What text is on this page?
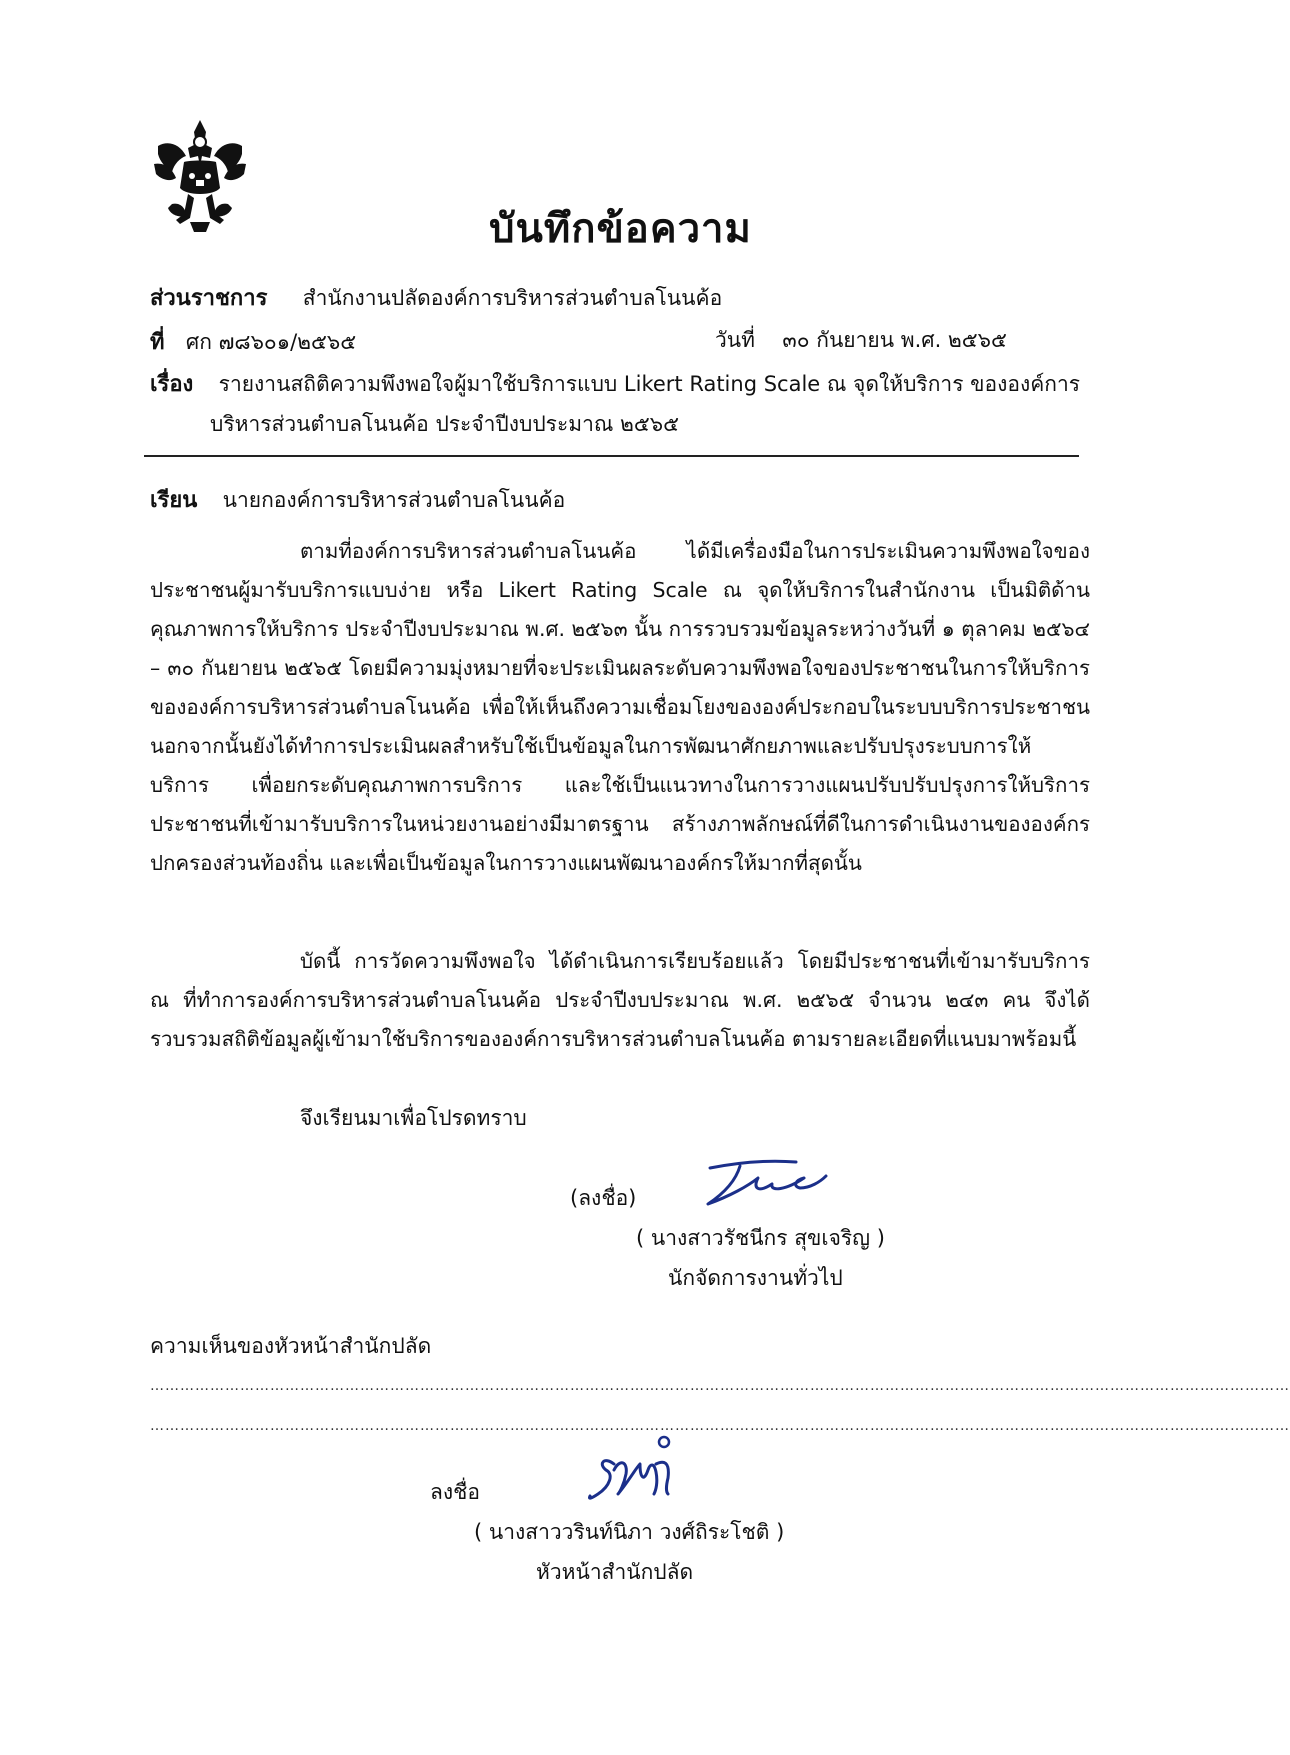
บันทึกข้อความ
ส่วนราชการ สำนักงานปลัดองค์การบริหารส่วนตำบลโนนค้อ
ที่ ศก ๗๘๖๐๑/๒๕๖๕	วันที่ ๓๐ กันยายน พ.ศ. ๒๕๖๕
เรื่อง รายงานสถิติความพึงพอใจผู้มาใช้บริการแบบ Likert Rating Scale ณ จุดให้บริการ ขององค์การ
บริหารส่วนตำบลโนนค้อ ประจำปีงบประมาณ ๒๕๖๕
เรียน นายกองค์การบริหารส่วนตำบลโนนค้อ

ตามที่องค์การบริหารส่วนตำบลโนนค้อ ได้มีเครื่องมือในการประเมินความพึงพอใจของประชาชนผู้มารับบริการแบบง่าย หรือ Likert Rating Scale ณ จุดให้บริการในสำนักงาน เป็นมิติด้านคุณภาพการให้บริการ ประจำปีงบประมาณ พ.ศ. ๒๕๖๓ นั้น การรวบรวมข้อมูลระหว่างวันที่ ๑ ตุลาคม ๒๕๖๔ – ๓๐ กันยายน ๒๕๖๕ โดยมีความมุ่งหมายที่จะประเมินผลระดับความพึงพอใจของประชาชนในการให้บริการขององค์การบริหารส่วนตำบลโนนค้อ เพื่อให้เห็นถึงความเชื่อมโยงขององค์ประกอบในระบบบริการประชาชน นอกจากนั้นยังได้ทำการประเมินผลสำหรับใช้เป็นข้อมูลในการพัฒนาศักยภาพและปรับปรุงระบบการให้บริการ เพื่อยกระดับคุณภาพการบริการ และใช้เป็นแนวทางในการวางแผนปรับปรับปรุงการให้บริการประชาชนที่เข้ามารับบริการในหน่วยงานอย่างมีมาตรฐาน สร้างภาพลักษณ์ที่ดีในการดำเนินงานขององค์กรปกครองส่วนท้องถิ่น และเพื่อเป็นข้อมูลในการวางแผนพัฒนาองค์กรให้มากที่สุดนั้น

บัดนี้ การวัดความพึงพอใจ ได้ดำเนินการเรียบร้อยแล้ว โดยมีประชาชนที่เข้ามารับบริการ ณ ที่ทำการองค์การบริหารส่วนตำบลโนนค้อ ประจำปีงบประมาณ พ.ศ. ๒๕๖๕ จำนวน ๒๔๓ คน จึงได้รวบรวมสถิติข้อมูลผู้เข้ามาใช้บริการขององค์การบริหารส่วนตำบลโนนค้อ ตามรายละเอียดที่แนบมาพร้อมนี้

จึงเรียนมาเพื่อโปรดทราบ
(ลงชื่อ)
( นางสาวรัชนีกร สุขเจริญ )
นักจัดการงานทั่วไป
ความเห็นของหัวหน้าสำนักปลัด
…………………………………………………………………………………………………………………………………………………………………………………………………………
…………………………………………………………………………………………………………………………………………………………………………………………………………
ลงชื่อ
( นางสาววรินท์นิภา วงศ์ถิระโชติ )
หัวหน้าสำนักปลัด
